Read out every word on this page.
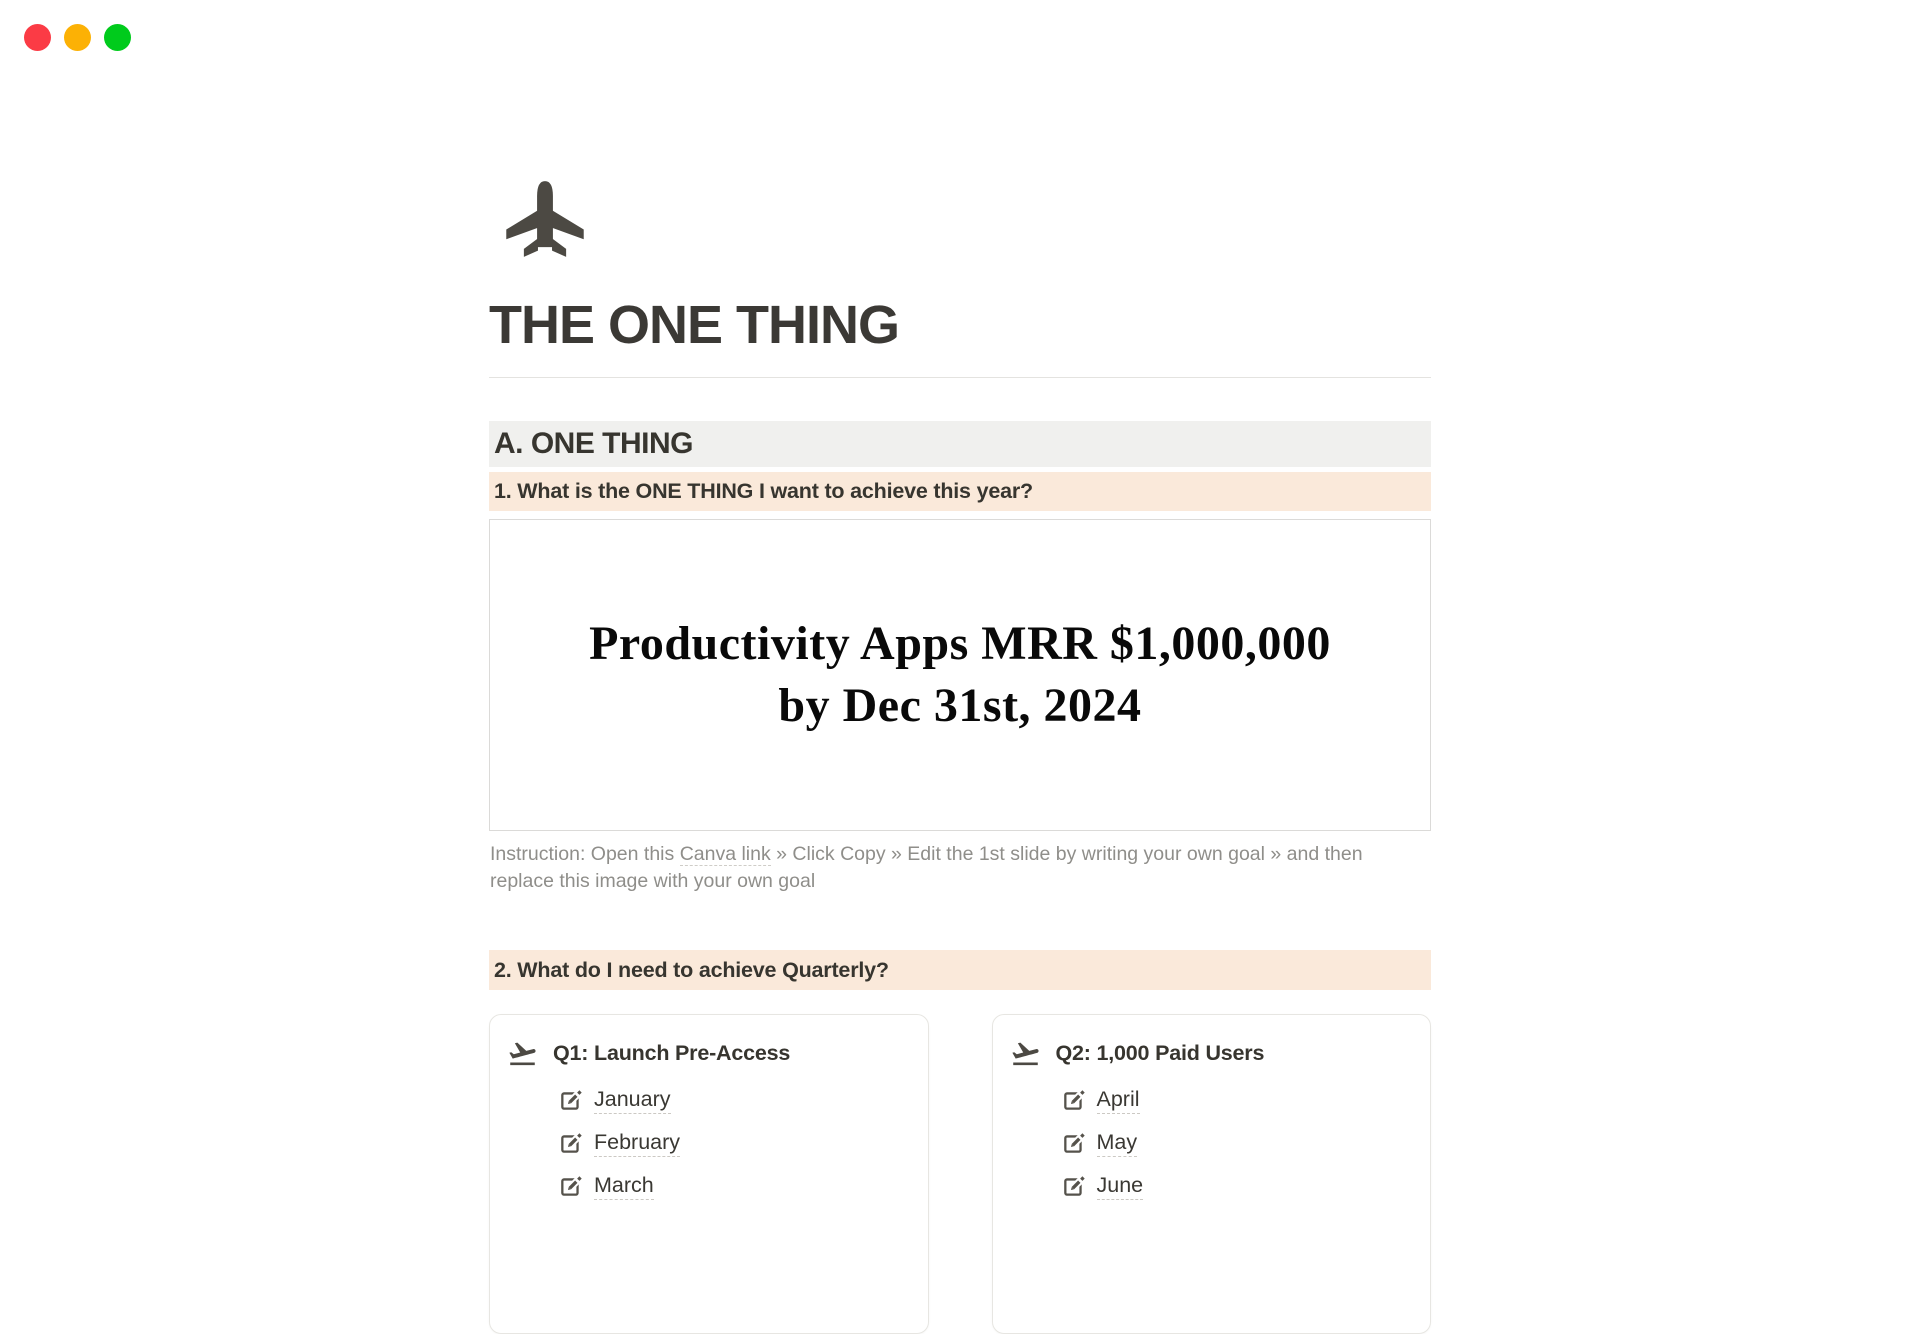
THE ONE THING
A. ONE THING
1. What is the ONE THING I want to achieve this year?
Productivity Apps MRR $1,000,000
by Dec 31st, 2024

Instruction: Open this Canva link » Click Copy » Edit the 1st slide by writing your own goal » and then replace this image with your own goal

2. What do I need to achieve Quarterly?
Q1: Launch Pre-Access
January
February
March
Q2: 1,000 Paid Users
April
May
June
